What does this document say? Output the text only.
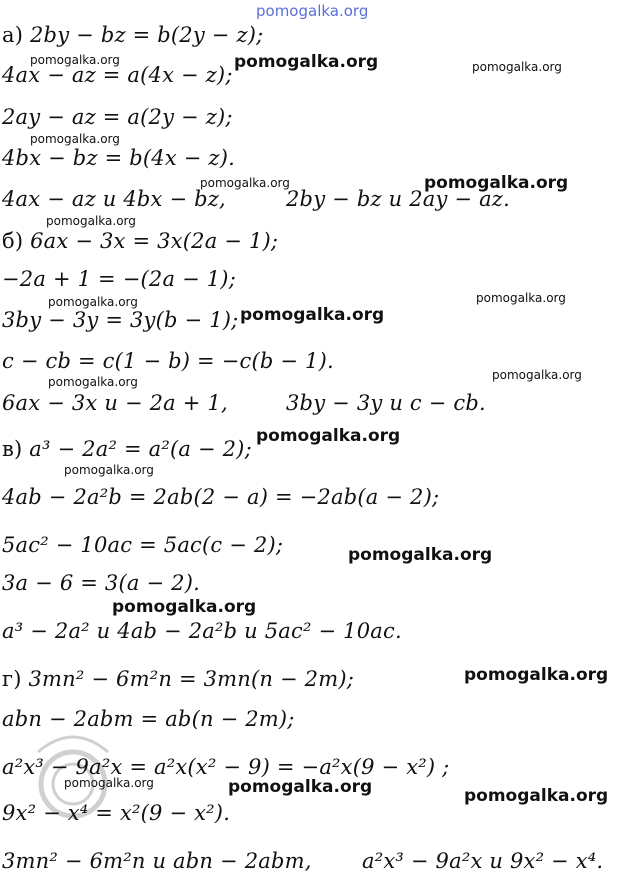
pomogalka.org
а) 2by − bz = b(2y − z);
4ax − az = a(4x − z);
2ay − az = a(2y − z);
4bx − bz = b(4x − z).
4ax − az и 4bx − bz,	2by − bz и 2ay − az.
б) 6ax − 3x = 3x(2a − 1);
−2a + 1 = −(2a − 1);
3by − 3y = 3y(b − 1);
c − cb = c(1 − b) = −c(b − 1).
6ax − 3x и − 2a + 1,	3by − 3y и c − cb.
в) a³ − 2a² = a²(a − 2);
4ab − 2a²b = 2ab(2 − a) = −2ab(a − 2);
5ac² − 10ac = 5ac(c − 2);
3a − 6 = 3(a − 2).
a³ − 2a² и 4ab − 2a²b и 5ac² − 10ac.
г) 3mn² − 6m²n = 3mn(n − 2m);
abn − 2abm = ab(n − 2m);
a²x³ − 9a²x = a²x(x² − 9) = −a²x(9 − x²) ;
9x² − x⁴ = x²(9 − x²).
3mn² − 6m²n и abn − 2abm, a²x³ − 9a²x и 9x² − x⁴.
pomogalka.org	pomogalka.org
pomogalka.org
pomogalka.org
pomogalka.org
pomogalka.org	pomogalka.org
pomogalka.org
pomogalka.org
pomogalka.org
pomogalka.org
pomogalka.org
pomogalka.org
pomogalka.org
pomogalka.org
pomogalka.org
pomogalka.org
pomogalka.org
pomogalka.org	pomogalka.org
